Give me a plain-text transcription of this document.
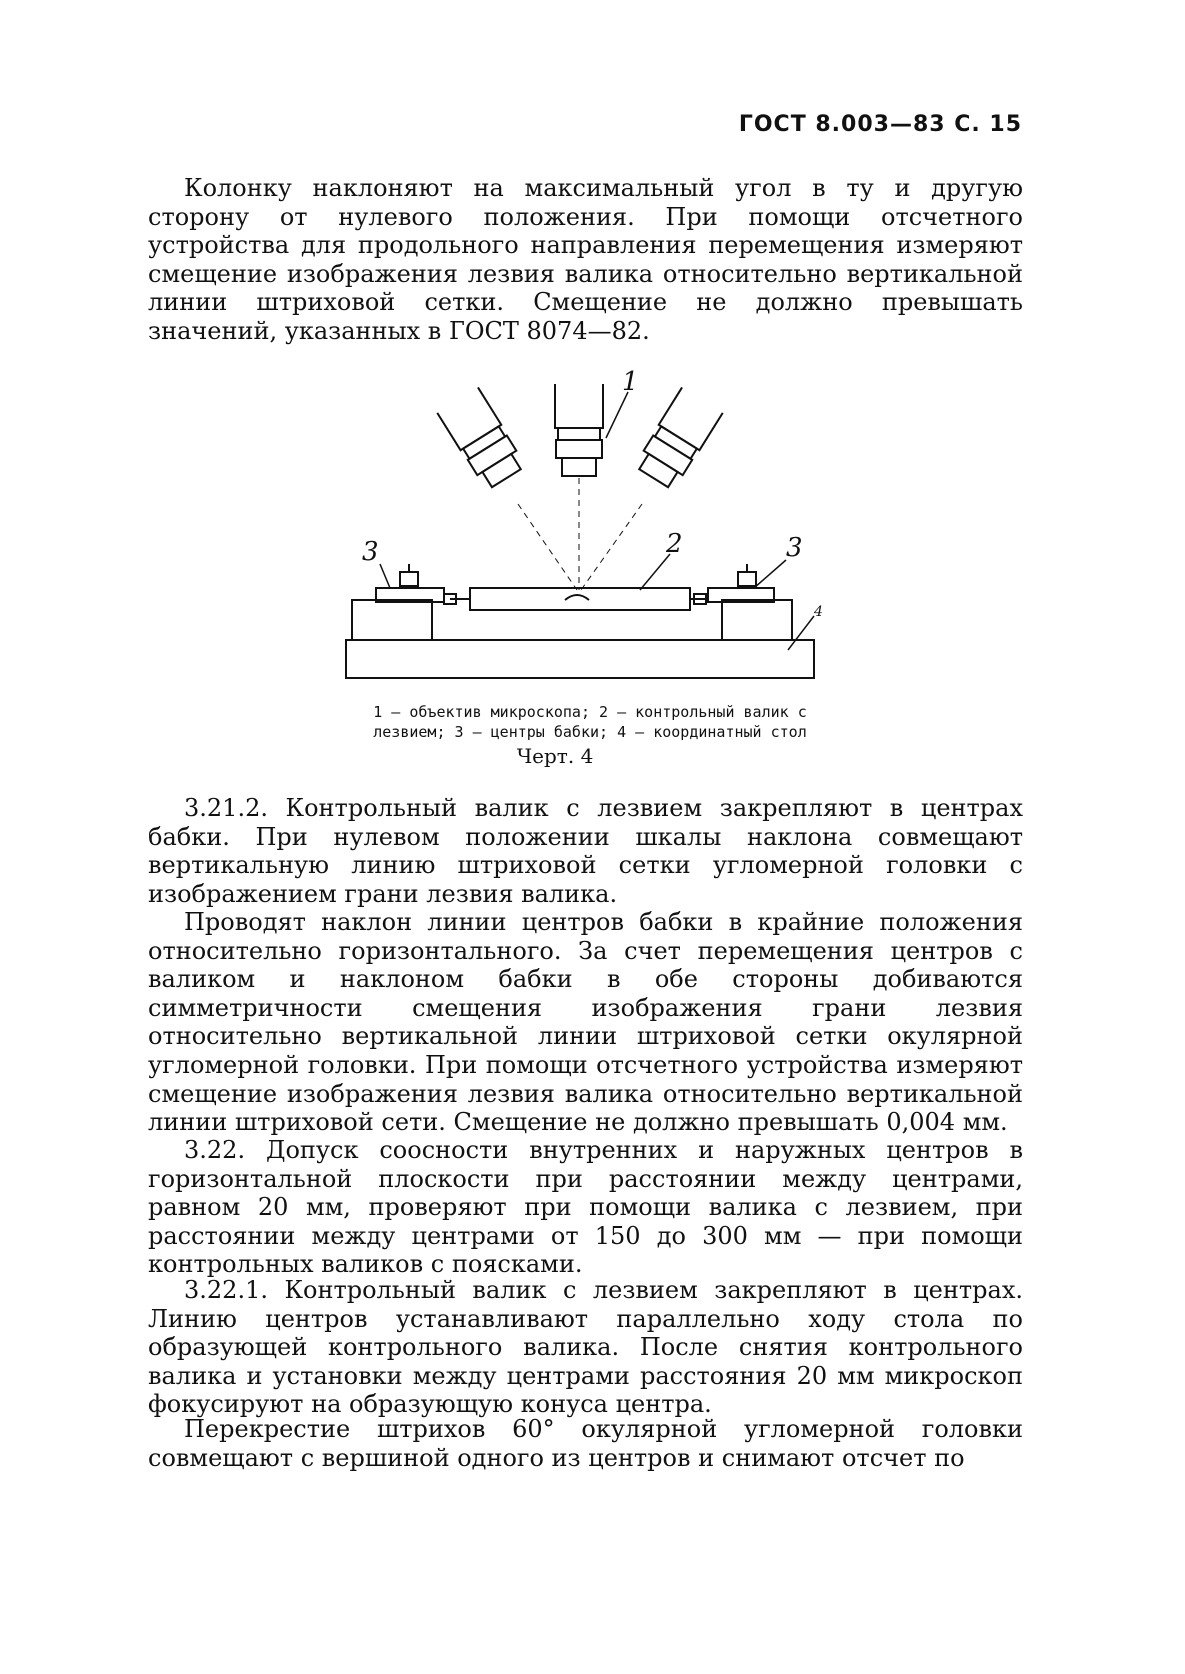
ГОСТ 8.003—83 С. 15

Колонку наклоняют на максимальный угол в ту и другую сторону от нулевого положения. При помощи отсчетного устройства для продольного направления перемещения измеряют смещение изображения лезвия валика относительно вертикальной линии штриховой сетки. Смещение не должно превышать значений, указанных в ГОСТ 8074—82.

1
2
3	3
4

1 — объектив микроскопа; 2 — контрольный валик с
лезвием; 3 — центры бабки; 4 — координатный стол

Черт. 4

3.21.2. Контрольный валик с лезвием закрепляют в центрах бабки. При нулевом положении шкалы наклона совмещают вертикальную линию штриховой сетки угломерной головки с изображением грани лезвия валика.

Проводят наклон линии центров бабки в крайние положения относительно горизонтального. За счет перемещения центров с валиком и наклоном бабки в обе стороны добиваются симметричности смещения изображения грани лезвия относительно вертикальной линии штриховой сетки окулярной угломерной головки. При помощи отсчетного устройства измеряют смещение изображения лезвия валика относительно вертикальной линии штриховой сети. Смещение не должно превышать 0,004 мм.

3.22. Допуск соосности внутренних и наружных центров в горизонтальной плоскости при расстоянии между центрами, равном 20 мм, проверяют при помощи валика с лезвием, при расстоянии между центрами от 150 до 300 мм — при помощи контрольных валиков с поясками.

3.22.1. Контрольный валик с лезвием закрепляют в центрах. Линию центров устанавливают параллельно ходу стола по образующей контрольного валика. После снятия контрольного валика и установки между центрами расстояния 20 мм микроскоп фокусируют на образующую конуса центра.

Перекрестие штрихов 60° окулярной угломерной головки совмещают с вершиной одного из центров и снимают отсчет по
